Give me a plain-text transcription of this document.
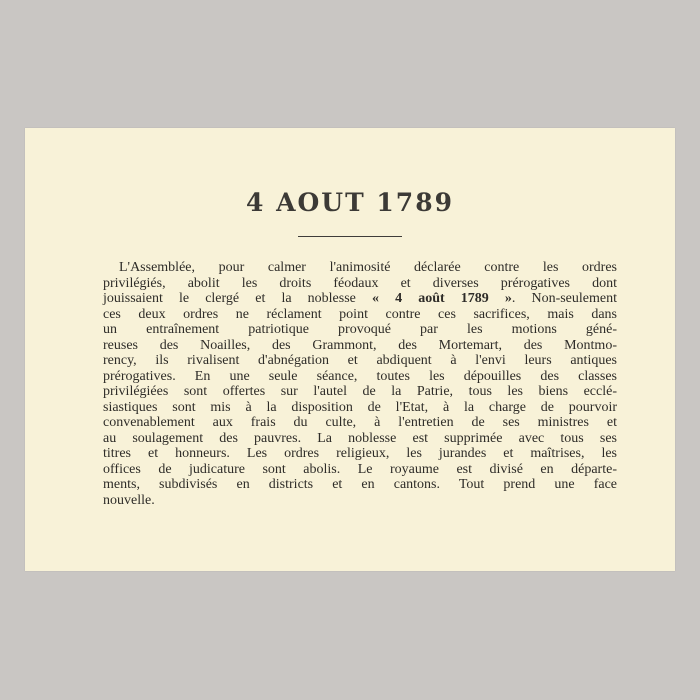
4 AOUT 1789
L'Assemblée, pour calmer l'animosité déclarée contre les ordres
privilégiés, abolit les droits féodaux et diverses prérogatives dont
jouissaient le clergé et la noblesse « 4 août 1789 ». Non-seulement
ces deux ordres ne réclament point contre ces sacrifices, mais dans
un entraînement patriotique provoqué par les motions géné-
reuses des Noailles, des Grammont, des Mortemart, des Montmo-
rency, ils rivalisent d'abnégation et abdiquent à l'envi leurs antiques
prérogatives. En une seule séance, toutes les dépouilles des classes
privilégiées sont offertes sur l'autel de la Patrie, tous les biens ecclé-
siastiques sont mis à la disposition de l'Etat, à la charge de pourvoir
convenablement aux frais du culte, à l'entretien de ses ministres et
au soulagement des pauvres. La noblesse est supprimée avec tous ses
titres et honneurs. Les ordres religieux, les jurandes et maîtrises, les
offices de judicature sont abolis. Le royaume est divisé en départe-
ments, subdivisés en districts et en cantons. Tout prend une face
nouvelle.
